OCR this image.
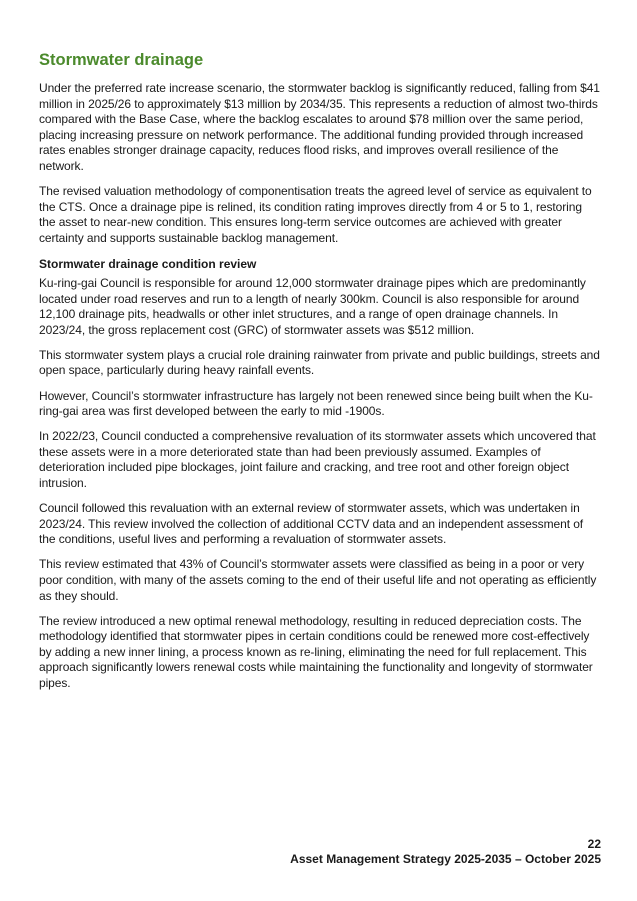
Stormwater drainage

Under the preferred rate increase scenario, the stormwater backlog is significantly reduced, falling from $41 million in 2025/26 to approximately $13 million by 2034/35. This represents a reduction of almost two-thirds compared with the Base Case, where the backlog escalates to around $78 million over the same period, placing increasing pressure on network performance. The additional funding provided through increased rates enables stronger drainage capacity, reduces flood risks, and improves overall resilience of the network.

The revised valuation methodology of componentisation treats the agreed level of service as equivalent to the CTS. Once a drainage pipe is relined, its condition rating improves directly from 4 or 5 to 1, restoring the asset to near-new condition. This ensures long-term service outcomes are achieved with greater certainty and supports sustainable backlog management.

Stormwater drainage condition review

Ku-ring-gai Council is responsible for around 12,000 stormwater drainage pipes which are predominantly located under road reserves and run to a length of nearly 300km. Council is also responsible for around 12,100 drainage pits, headwalls or other inlet structures, and a range of open drainage channels. In 2023/24, the gross replacement cost (GRC) of stormwater assets was $512 million.

This stormwater system plays a crucial role draining rainwater from private and public buildings, streets and open space, particularly during heavy rainfall events.

However, Council’s stormwater infrastructure has largely not been renewed since being built when the Ku-ring-gai area was first developed between the early to mid -1900s.

In 2022/23, Council conducted a comprehensive revaluation of its stormwater assets which uncovered that these assets were in a more deteriorated state than had been previously assumed. Examples of deterioration included pipe blockages, joint failure and cracking, and tree root and other foreign object intrusion.

Council followed this revaluation with an external review of stormwater assets, which was undertaken in 2023/24. This review involved the collection of additional CCTV data and an independent assessment of the conditions, useful lives and performing a revaluation of stormwater assets.

This review estimated that 43% of Council’s stormwater assets were classified as being in a poor or very poor condition, with many of the assets coming to the end of their useful life and not operating as efficiently as they should.

The review introduced a new optimal renewal methodology, resulting in reduced depreciation costs. The methodology identified that stormwater pipes in certain conditions could be renewed more cost-effectively by adding a new inner lining, a process known as re-lining, eliminating the need for full replacement. This approach significantly lowers renewal costs while maintaining the functionality and longevity of stormwater pipes.

22
Asset Management Strategy 2025-2035 – October 2025
